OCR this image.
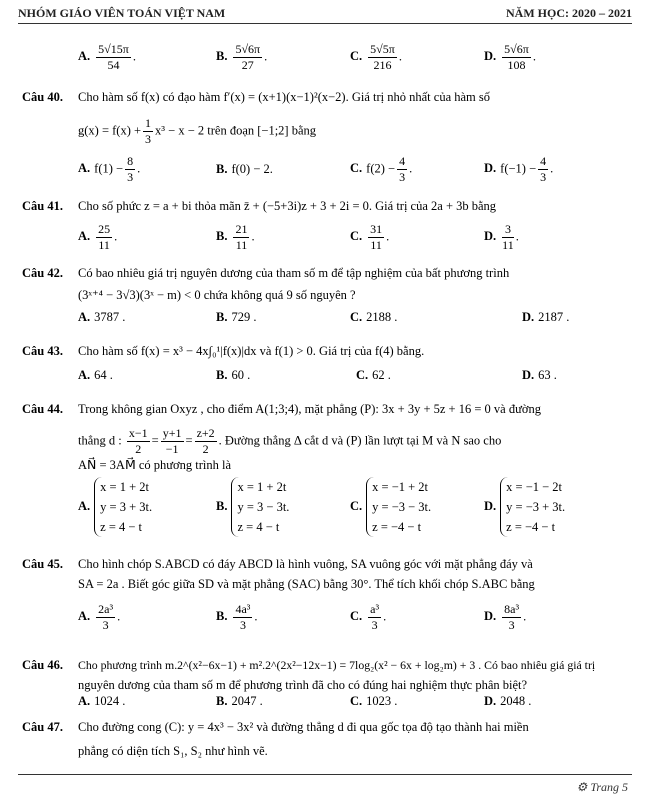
NHÓM GIÁO VIÊN TOÁN VIỆT NAM	NĂM HỌC: 2020 – 2021
A. $\frac{5√15\pi}{54}$ .	B. $\frac{5√6\pi}{27}$ .	C. $\frac{5√5\pi}{216}$ .	D. $\frac{5√6\pi}{108}$ .
Câu 40. Cho hàm số f(x) có đạo hàm f′(x) = (x+1)(x−1)²(x−2). Giá trị nhỏ nhất của hàm số
$g(x) = f(x) + \frac{1}{3} x^3 - x - 2$ trên đoạn [−1;2] bằng
A. $f(1) - \frac{8}{3}$ .	B. f(0) − 2.	C. $f(2) - \frac{4}{3}$ .	D. $f(-1) - \frac{4}{3}$ .
Câu 41. Cho số phức z = a + bi thỏa mãn z̄ + (−5+3i)z + 3 + 2i = 0. Giá trị của 2a + 3b bằng
A. $\frac{25}{11}$ .	B. $\frac{21}{11}$ .	C. $\frac{31}{11}$ .	D. $\frac{3}{11}$ .
Câu 42. Có bao nhiêu giá trị nguyên dương của tham số m để tập nghiệm của bất phương trình
(3ˣ⁺⁴ − 3√3)(3ˣ − m) < 0 chứa không quá 9 số nguyên ?
A. 3787 .	B. 729 .	C. 2188 .	D. 2187 .
Câu 43. Cho hàm số f(x) = x³ − 4x∫₀¹|f(x)|dx và f(1) > 0. Giá trị của f(4) bằng.
A. 64 .	B. 60 .	C. 62 .	D. 63 .
Câu 44. Trong không gian Oxyz , cho điểm A(1;3;4), mặt phẳng (P): 3x + 3y + 5z + 16 = 0 và đường
thẳng d : $\frac{x-1}{2} = \frac{y+1}{-1} = \frac{z+2}{2}$ . Đường thẳng Δ cắt d và (P) lần lượt tại M và N sao cho
AN⃗ = 3AM⃗ có phương trình là
A.x = 1 + 2t
y = 3 + 3t.
z = 4 − t
B.x = 1 + 2t
y = 3 − 3t.
z = 4 − t
C.x = −1 + 2t
y = −3 − 3t.
z = −4 − t
D.x = −1 − 2t
y = −3 + 3t.
z = −4 − t
Câu 45. Cho hình chóp S.ABCD có đáy ABCD là hình vuông, SA vuông góc với mặt phẳng đáy và
SA = 2a . Biết góc giữa SD và mặt phẳng (SAC) bằng 30°. Thể tích khối chóp S.ABC bằng
A. $\frac{\text{2a³}}{3}$ .	B. $\frac{\text{4a³}}{3}$ .	C. $\frac{\text{a³}}{3}$ .	D. $\frac{\text{8a³}}{3}$ .
Câu 46. Cho phương trình m.2^(x²−6x−1) + m².2^(2x²−12x−1) = 7log₂(x² − 6x + log₂m) + 3 . Có bao nhiêu giá giá trị
nguyên dương của tham số m để phương trình đã cho có đúng hai nghiệm thực phân biệt?
A. 1024 .	B. 2047 .	C. 1023 .	D. 2048 .
Câu 47. Cho đường cong (C): y = 4x³ − 3x² và đường thẳng d đi qua gốc tọa độ tạo thành hai miền
phẳng có diện tích S₁, S₂ như hình vẽ.
⚙ Trang 5
